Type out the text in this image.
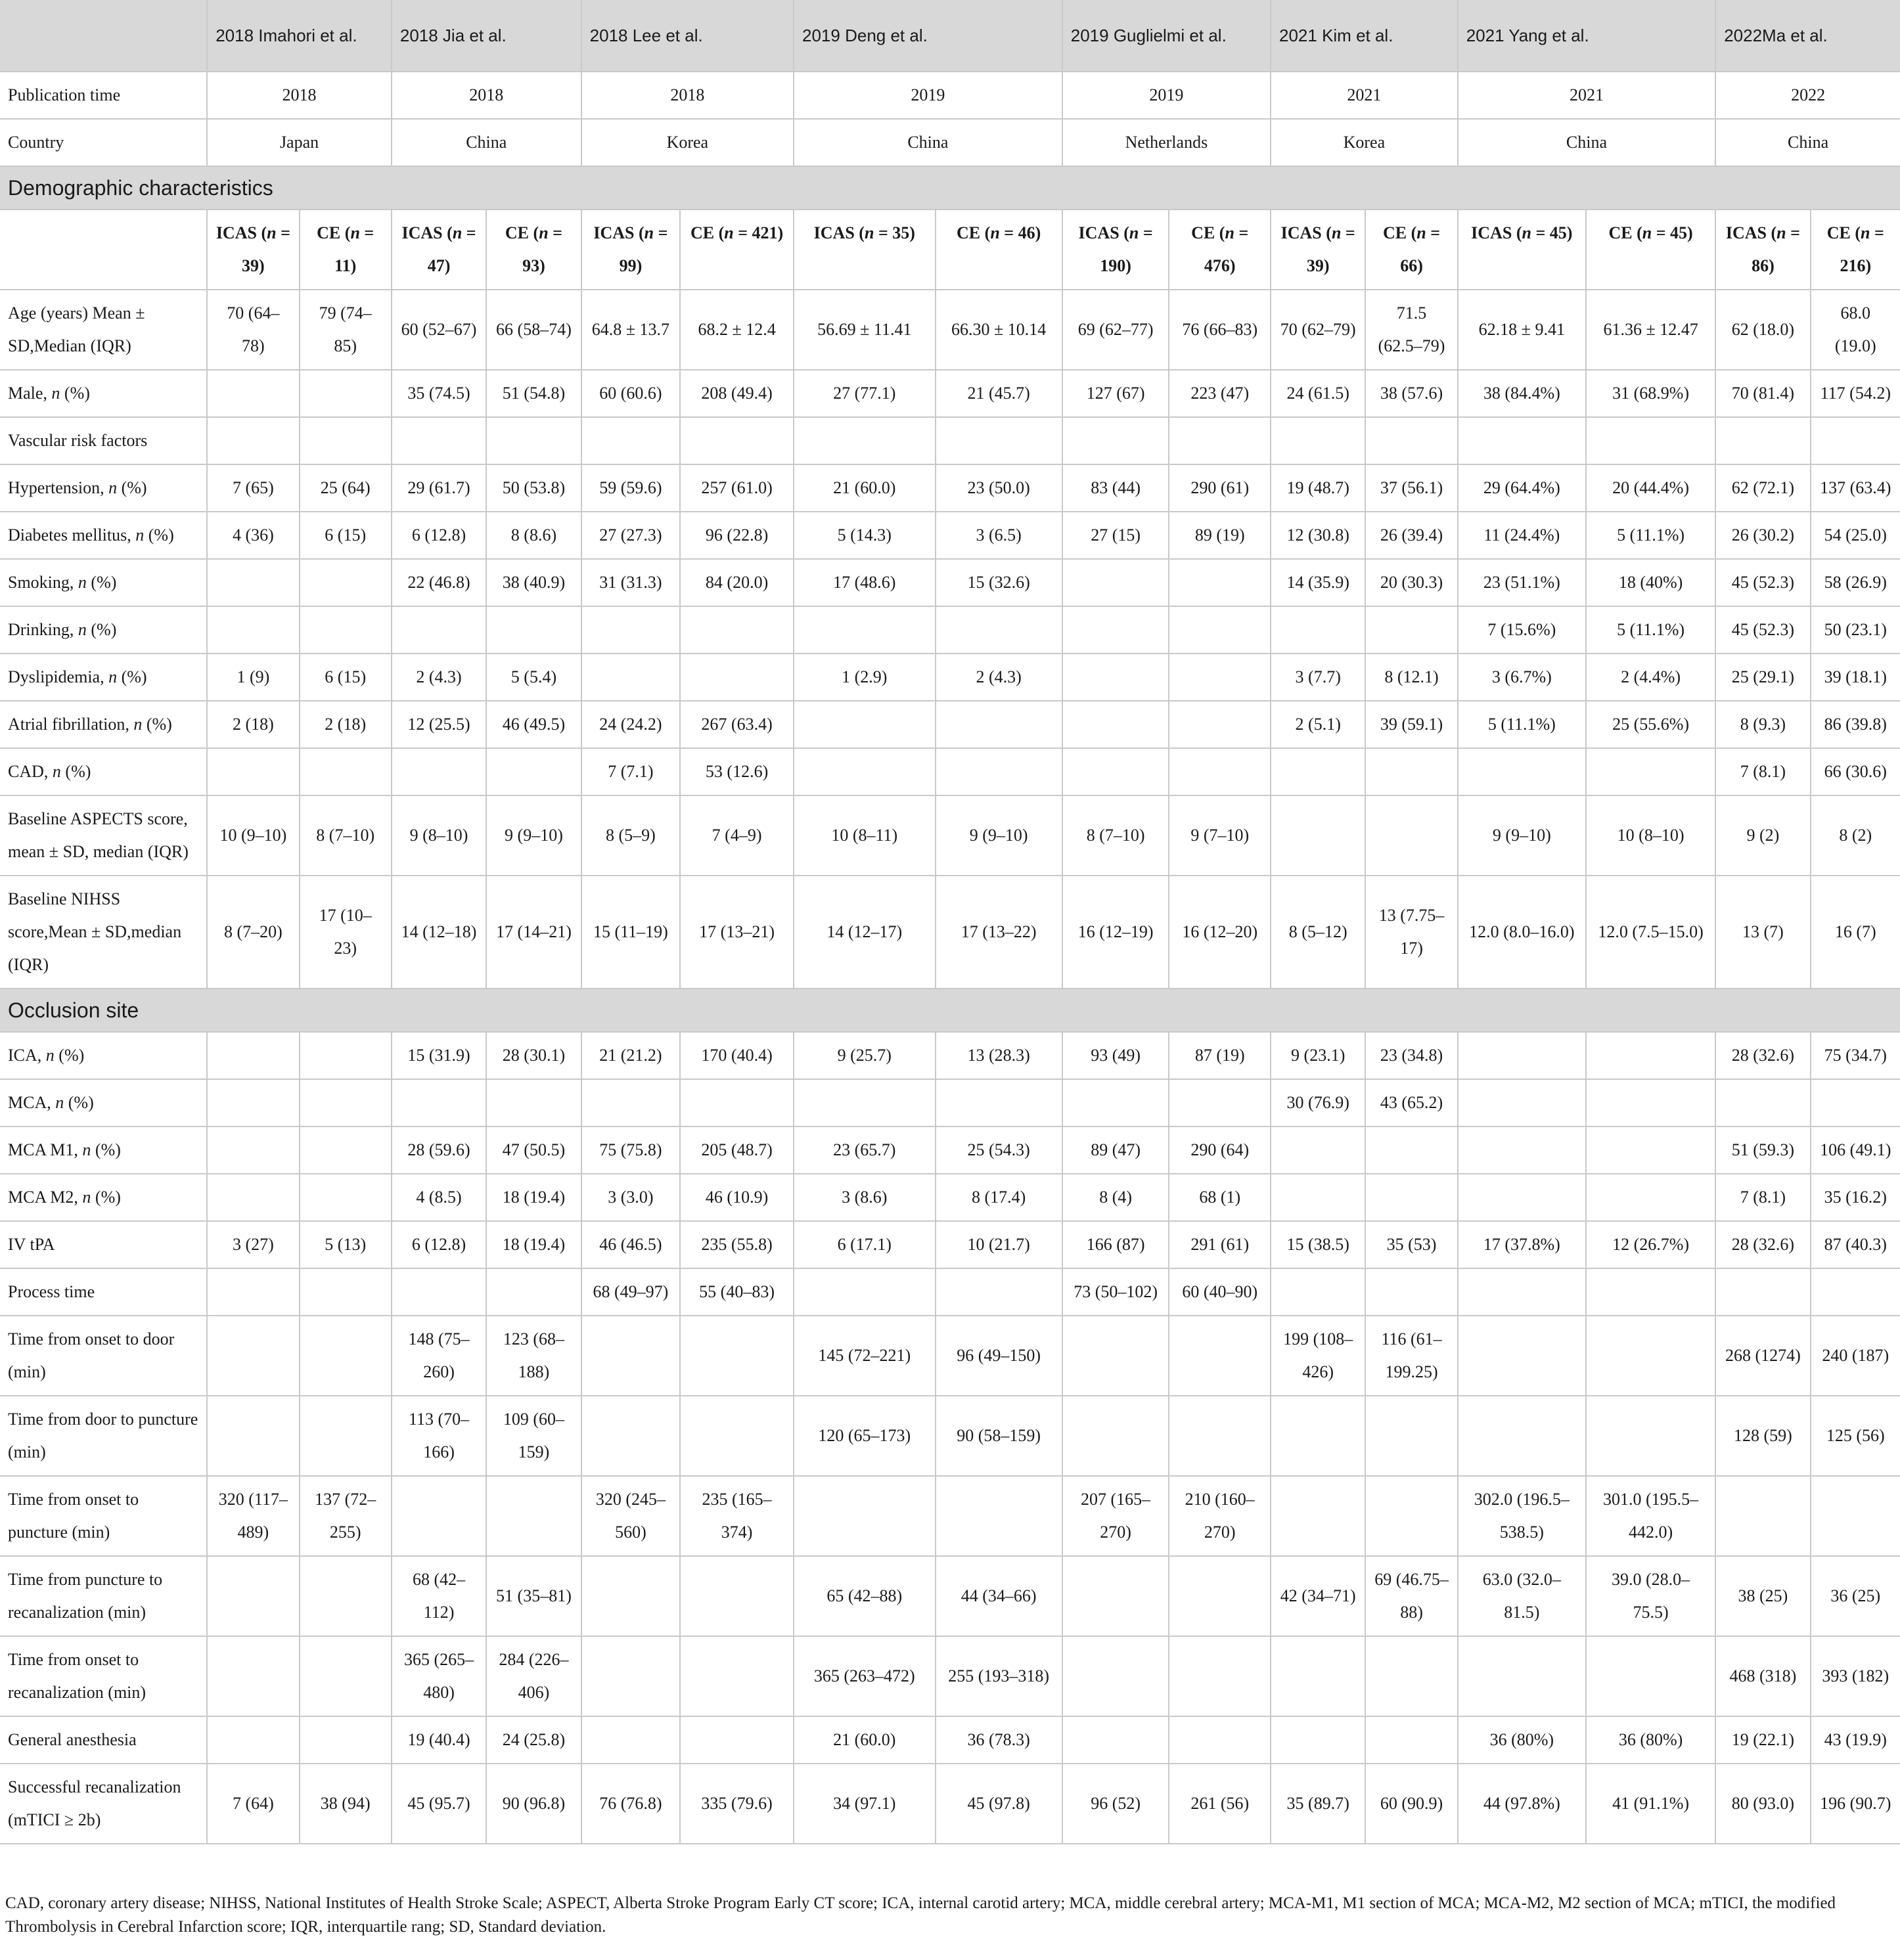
	2018 Imahori et al.		2018 Jia et al.		2018 Lee et al.		2019 Deng et al.		2019 Guglielmi et al.		2021 Kim et al.		2021 Yang et al.		2022Ma et al.	
Publication time	2018		2018		2018		2019		2019		2021		2021		2022	
Country	Japan		China		Korea		China		Netherlands		Korea		China		China	
Demographic characteristics																
	ICAS (n = 39)	CE (n = 11)	ICAS (n = 47)	CE (n = 93)	ICAS (n = 99)	CE (n = 421)	ICAS (n = 35)	CE (n = 46)	ICAS (n = 190)	CE (n = 476)	ICAS (n = 39)	CE (n = 66)	ICAS (n = 45)	CE (n = 45)	ICAS (n = 86)	CE (n = 216)
Age (years) Mean ± SD,Median (IQR)	70 (64–78)	79 (74–85)	60 (52–67)	66 (58–74)	64.8 ± 13.7	68.2 ± 12.4	56.69 ± 11.41	66.30 ± 10.14	69 (62–77)	76 (66–83)	70 (62–79)	71.5 (62.5–79)	62.18 ± 9.41	61.36 ± 12.47	62 (18.0)	68.0 (19.0)
Male, n (%)			35 (74.5)	51 (54.8)	60 (60.6)	208 (49.4)	27 (77.1)	21 (45.7)	127 (67)	223 (47)	24 (61.5)	38 (57.6)	38 (84.4%)	31 (68.9%)	70 (81.4)	117 (54.2)
Vascular risk factors																
Hypertension, n (%)	7 (65)	25 (64)	29 (61.7)	50 (53.8)	59 (59.6)	257 (61.0)	21 (60.0)	23 (50.0)	83 (44)	290 (61)	19 (48.7)	37 (56.1)	29 (64.4%)	20 (44.4%)	62 (72.1)	137 (63.4)
Diabetes mellitus, n (%)	4 (36)	6 (15)	6 (12.8)	8 (8.6)	27 (27.3)	96 (22.8)	5 (14.3)	3 (6.5)	27 (15)	89 (19)	12 (30.8)	26 (39.4)	11 (24.4%)	5 (11.1%)	26 (30.2)	54 (25.0)
Smoking, n (%)			22 (46.8)	38 (40.9)	31 (31.3)	84 (20.0)	17 (48.6)	15 (32.6)			14 (35.9)	20 (30.3)	23 (51.1%)	18 (40%)	45 (52.3)	58 (26.9)
Drinking, n (%)													7 (15.6%)	5 (11.1%)	45 (52.3)	50 (23.1)
Dyslipidemia, n (%)	1 (9)	6 (15)	2 (4.3)	5 (5.4)			1 (2.9)	2 (4.3)			3 (7.7)	8 (12.1)	3 (6.7%)	2 (4.4%)	25 (29.1)	39 (18.1)
Atrial fibrillation, n (%)	2 (18)	2 (18)	12 (25.5)	46 (49.5)	24 (24.2)	267 (63.4)					2 (5.1)	39 (59.1)	5 (11.1%)	25 (55.6%)	8 (9.3)	86 (39.8)
CAD, n (%)					7 (7.1)	53 (12.6)									7 (8.1)	66 (30.6)
Baseline ASPECTS score, mean ± SD, median (IQR)	10 (9–10)	8 (7–10)	9 (8–10)	9 (9–10)	8 (5–9)	7 (4–9)	10 (8–11)	9 (9–10)	8 (7–10)	9 (7–10)			9 (9–10)	10 (8–10)	9 (2)	8 (2)
Baseline NIHSS score,Mean ± SD,median (IQR)	8 (7–20)	17 (10–23)	14 (12–18)	17 (14–21)	15 (11–19)	17 (13–21)	14 (12–17)	17 (13–22)	16 (12–19)	16 (12–20)	8 (5–12)	13 (7.75–17)	12.0 (8.0–16.0)	12.0 (7.5–15.0)	13 (7)	16 (7)
Occlusion site																
ICA, n (%)			15 (31.9)	28 (30.1)	21 (21.2)	170 (40.4)	9 (25.7)	13 (28.3)	93 (49)	87 (19)	9 (23.1)	23 (34.8)			28 (32.6)	75 (34.7)
MCA, n (%)											30 (76.9)	43 (65.2)				
MCA M1, n (%)			28 (59.6)	47 (50.5)	75 (75.8)	205 (48.7)	23 (65.7)	25 (54.3)	89 (47)	290 (64)					51 (59.3)	106 (49.1)
MCA M2, n (%)			4 (8.5)	18 (19.4)	3 (3.0)	46 (10.9)	3 (8.6)	8 (17.4)	8 (4)	68 (1)					7 (8.1)	35 (16.2)
IV tPA	3 (27)	5 (13)	6 (12.8)	18 (19.4)	46 (46.5)	235 (55.8)	6 (17.1)	10 (21.7)	166 (87)	291 (61)	15 (38.5)	35 (53)	17 (37.8%)	12 (26.7%)	28 (32.6)	87 (40.3)
Process time					68 (49–97)	55 (40–83)			73 (50–102)	60 (40–90)						
Time from onset to door (min)			148 (75–260)	123 (68–188)			145 (72–221)	96 (49–150)			199 (108–426)	116 (61–199.25)			268 (1274)	240 (187)
Time from door to puncture (min)			113 (70–166)	109 (60–159)			120 (65–173)	90 (58–159)							128 (59)	125 (56)
Time from onset to puncture (min)	320 (117–489)	137 (72–255)			320 (245–560)	235 (165–374)			207 (165–270)	210 (160–270)			302.0 (196.5–538.5)	301.0 (195.5–442.0)		
Time from puncture to recanalization (min)			68 (42–112)	51 (35–81)			65 (42–88)	44 (34–66)			42 (34–71)	69 (46.75–88)	63.0 (32.0–81.5)	39.0 (28.0–75.5)	38 (25)	36 (25)
Time from onset to recanalization (min)			365 (265–480)	284 (226–406)			365 (263–472)	255 (193–318)							468 (318)	393 (182)
General anesthesia			19 (40.4)	24 (25.8)			21 (60.0)	36 (78.3)					36 (80%)	36 (80%)	19 (22.1)	43 (19.9)
Successful recanalization (mTICI ≥ 2b)	7 (64)	38 (94)	45 (95.7)	90 (96.8)	76 (76.8)	335 (79.6)	34 (97.1)	45 (97.8)	96 (52)	261 (56)	35 (89.7)	60 (90.9)	44 (97.8%)	41 (91.1%)	80 (93.0)	196 (90.7)
CAD, coronary artery disease; NIHSS, National Institutes of Health Stroke Scale; ASPECT, Alberta Stroke Program Early CT score; ICA, internal carotid artery; MCA, middle cerebral artery; MCA-M1, M1 section of MCA; MCA-M2, M2 section of MCA; mTICI, the modified Thrombolysis in Cerebral Infarction score; IQR, interquartile rang; SD, Standard deviation.
